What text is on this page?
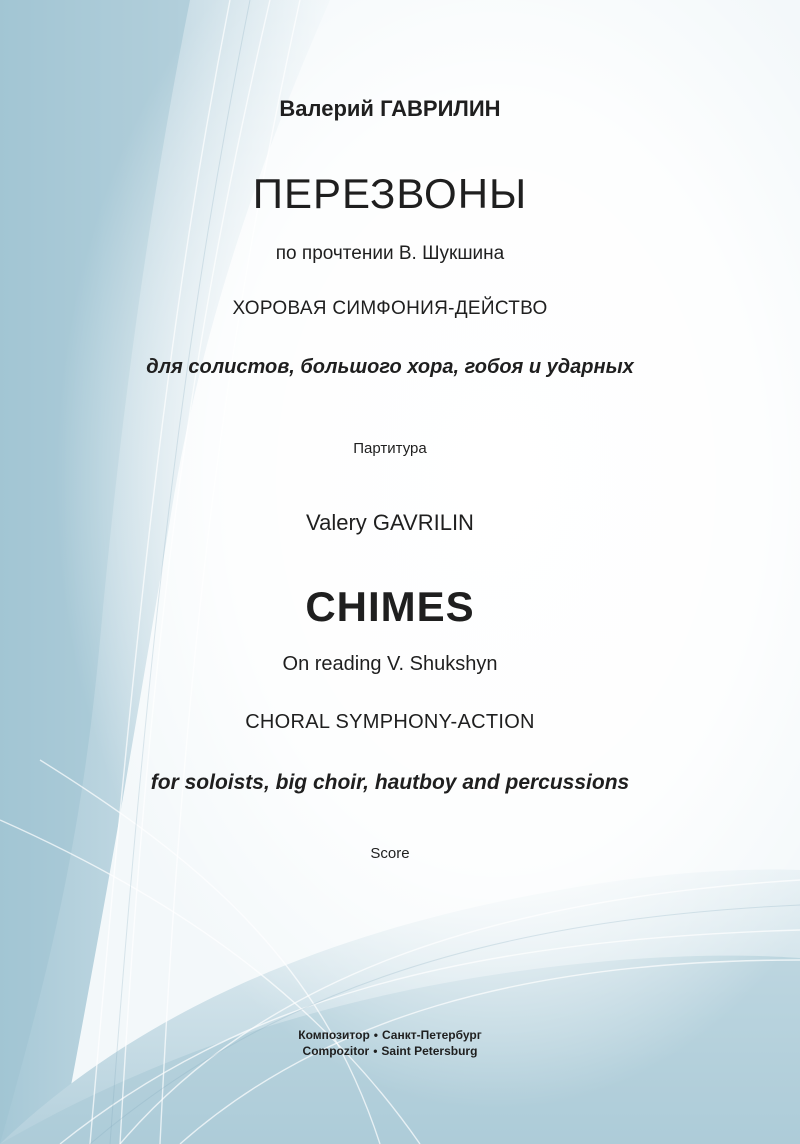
Валерий ГАВРИЛИН
ПЕРЕЗВОНЫ
по прочтении В. Шукшина
ХОРОВАЯ СИМФОНИЯ-ДЕЙСТВО
для солистов, большого хора, гобоя и ударных
Партитура
Valery GAVRILIN
CHIMES
On reading V. Shukshyn
CHORAL SYMPHONY-ACTION
for soloists, big choir, hautboy and percussions
Score
Композитор • Санкт-Петербург
Compozitor • Saint Petersburg
